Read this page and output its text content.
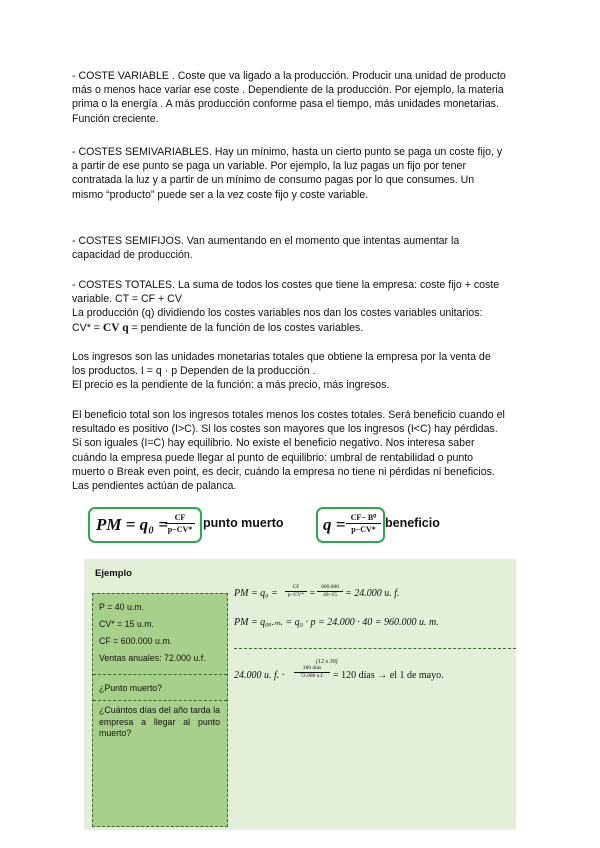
- COSTE VARIABLE . Coste que va ligado a la producción. Producir una unidad de producto
más o menos hace variar ese coste . Dependiente de la producción. Por ejemplo, la materia
prima o la energía . A más producción conforme pasa el tiempo, más unidades monetarias.
Función creciente.
- COSTES SEMIVARIABLES. Hay un mínimo, hasta un cierto punto se paga un coste fijo, y
a partir de ese punto se paga un variable. Por ejemplo, la luz pagas un fijo por tener
contratada la luz y a partir de un mínimo de consumo pagas por lo que consumes. Un
mismo “producto” puede ser a la vez coste fijo y coste variable.
- COSTES SEMIFIJOS. Van aumentando en el momento que intentas aumentar la
capacidad de producción.
- COSTES TOTALES. La suma de todos los costes que tiene la empresa: coste fijo + coste
variable. CT = CF + CV
La producción (q) dividiendo los costes variables nos dan los costes variables unitarios:
CV* = CV q = pendiente de la función de los costes variables.
Los ingresos son las unidades monetarias totales que obtiene la empresa por la venta de
los productos. I = q · p Dependen de la producción .
El precio es la pendiente de la función: a más precio, más ingresos.
El beneficio total son los ingresos totales menos los costes totales. Será beneficio cuando el
resultado es positivo (I>C). Si los costes son mayores que los ingresos (I<C) hay pérdidas.
Si son iguales (I=C) hay equilibrio. No existe el beneficio negativo. Nos interesa saber
cuándo la empresa puede llegar al punto de equilibrio: umbral de rentabilidad o punto
muerto o Break even point, es decir, cuándo la empresa no tiene ni pérdidas ni beneficios.
Las pendientes actúan de palanca.
PM = q₀ = CF
p−CV* punto muerto q = CF− B⁰
p−CV* beneficio
Ejemplo
P = 40 u.m.
CV* = 15 u.m.
CF = 600.000 u.m.
Ventas anuales: 72.000 u.f.
¿Punto muerto?
¿Cuántos días del año tarda la empresa a llegar al punto muerto?
PM = q₀ =
CF
p−CV* =
600.000
40−15 = 24.000 u. f.
PM = q₀ᵤ.ₘ. = q₀ · p = 24.000 · 40 = 960.000 u. m.
24.000 u. f. ·
(12 x 30)
360 días
72.000 u.f. = 120 días → el 1 de mayo.
